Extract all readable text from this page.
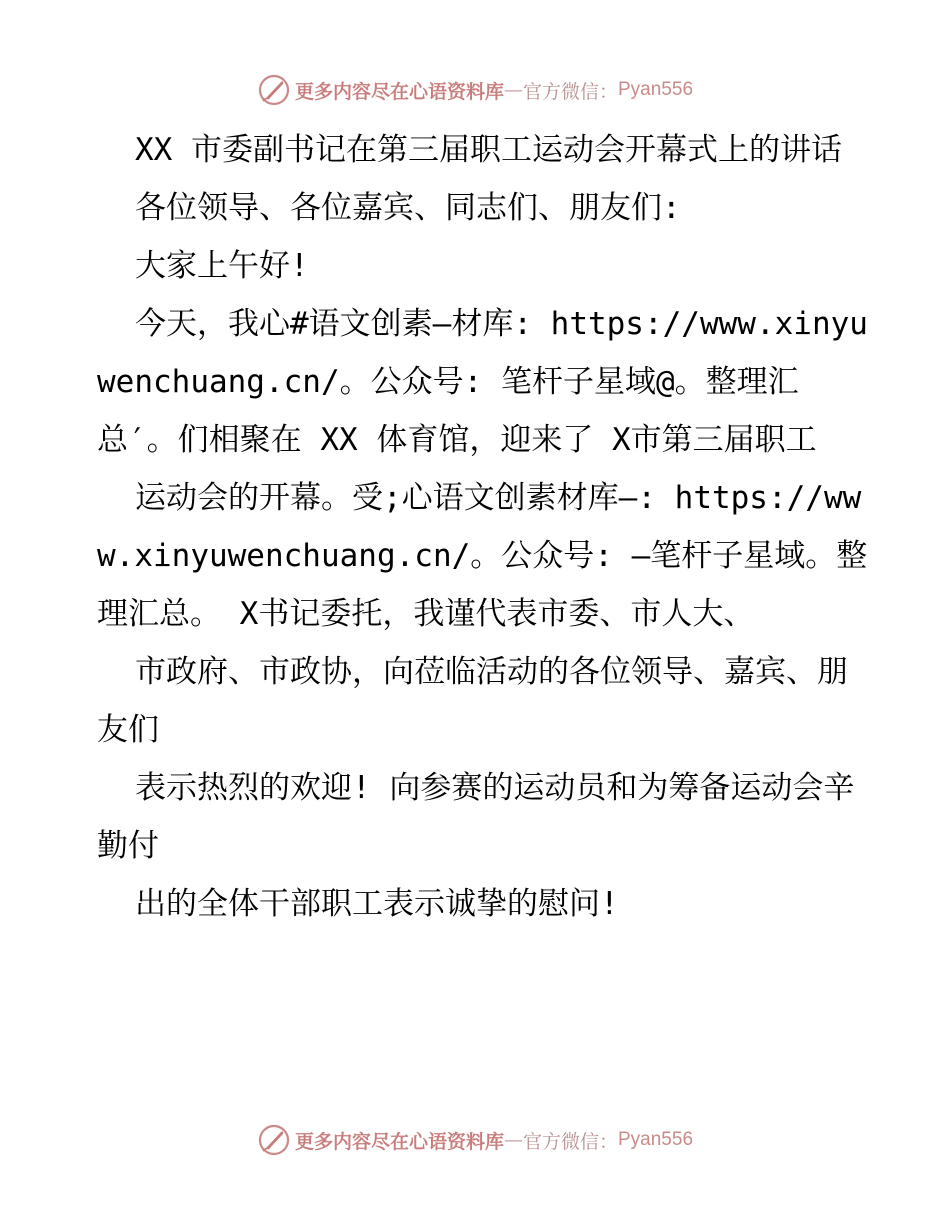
更多内容尽在心语资料库 — 官方微信： Pyan556

XX 市委副书记在第三届职工运动会开幕式上的讲话

各位领导、各位嘉宾、同志们、朋友们:

大家上午好!

今天，我心#语文创素—材库: https://www.xinyuwenchuang.cn/。公众号: 笔杆子星域@。整理汇总′。们相聚在 XX 体育馆，迎来了 X市第三届职工

运动会的开幕。受;心语文创素材库—: https://www.xinyuwenchuang.cn/。公众号: —笔杆子星域。整理汇总。 X书记委托，我谨代表市委、市人大、

市政府、市政协，向莅临活动的各位领导、嘉宾、朋友们

表示热烈的欢迎! 向参赛的运动员和为筹备运动会辛勤付

出的全体干部职工表示诚挚的慰问!

更多内容尽在心语资料库 — 官方微信： Pyan556
